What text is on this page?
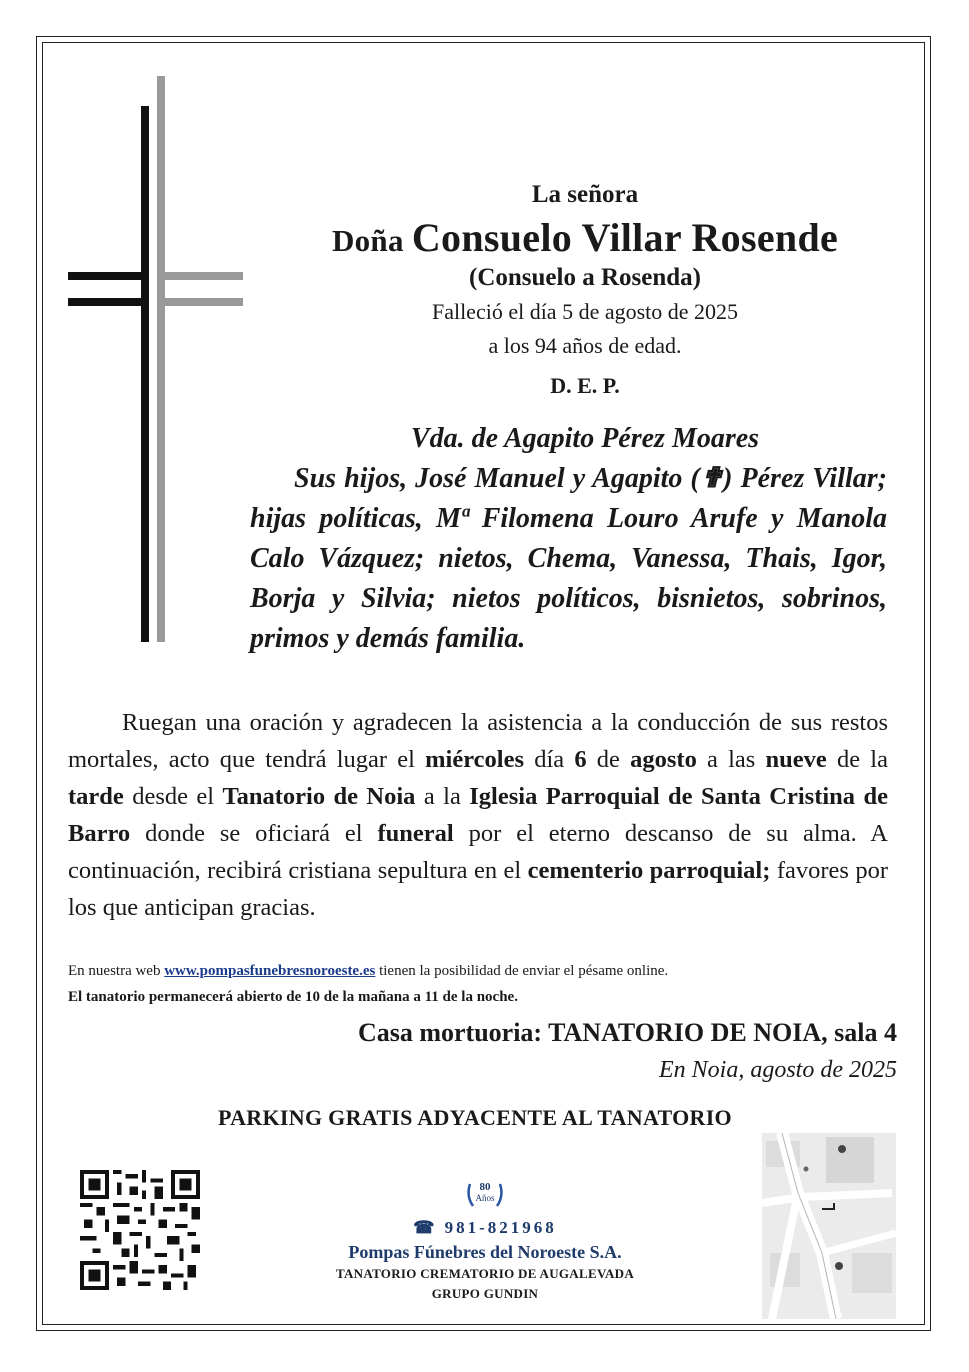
La señora

Doña Consuelo Villar Rosende

(Consuelo a Rosenda)

Falleció el día 5 de agosto de 2025

a los 94 años de edad.

D. E. P.

Vda. de Agapito Pérez Moares

Sus hijos, José Manuel y Agapito (✟) Pérez Villar; hijas políticas, Mª Filomena Louro Arufe y Manola Calo Vázquez; nietos, Chema, Vanessa, Thais, Igor, Borja y Silvia; nietos políticos, bisnietos, sobrinos, primos y demás familia.

Ruegan una oración y agradecen la asistencia a la conducción de sus restos mortales, acto que tendrá lugar el miércoles día 6 de agosto a las nueve de la tarde desde el Tanatorio de Noia a la Iglesia Parroquial de Santa Cristina de Barro donde se oficiará el funeral por el eterno descanso de su alma. A continuación, recibirá cristiana sepultura en el cementerio parroquial; favores por los que anticipan gracias.

En nuestra web www.pompasfunebresnoroeste.es tienen la posibilidad de enviar el pésame online.

El tanatorio permanecerá abierto de 10 de la mañana a 11 de la noche.

Casa mortuoria: TANATORIO DE NOIA, sala 4

En Noia, agosto de 2025

PARKING GRATIS ADYACENTE AL TANATORIO

80
Años

☎ 981-821968

Pompas Fúnebres del Noroeste S.A.

TANATORIO CREMATORIO DE AUGALEVADA

GRUPO GUNDIN
